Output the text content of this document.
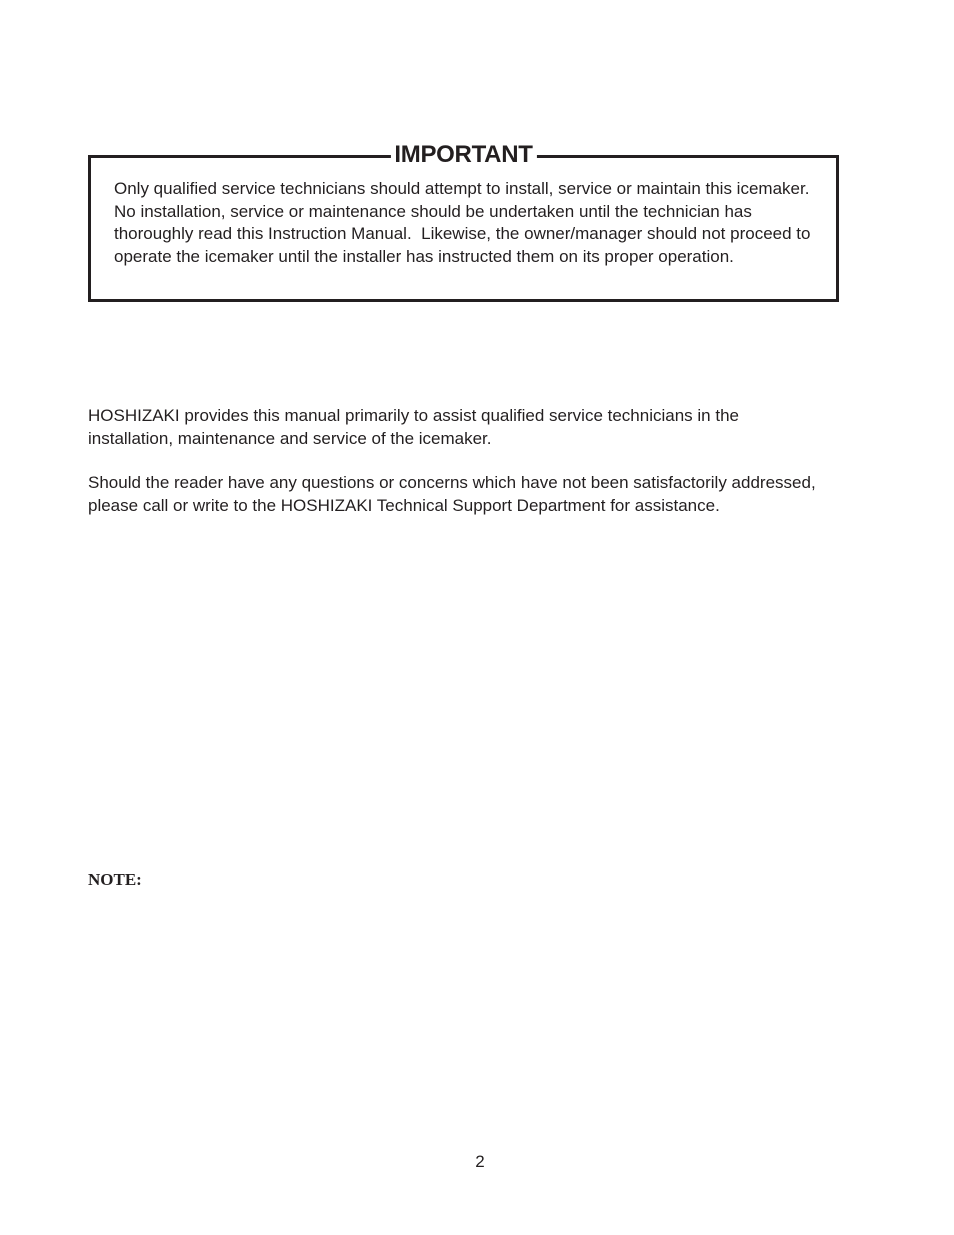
IMPORTANT

Only qualified service technicians should attempt to install, service or maintain this icemaker.  No installation, service or maintenance should be undertaken until the technician has thoroughly read this Instruction Manual.  Likewise, the owner/manager should not proceed to operate the icemaker until the installer has instructed them on its proper operation.

HOSHIZAKI provides this manual primarily to assist qualified service technicians in the installation, maintenance and service of the icemaker.

Should the reader have any questions or concerns which have not been satisfactorily addressed, please call or write to the HOSHIZAKI Technical Support Department for assistance.

NOTE:

2
